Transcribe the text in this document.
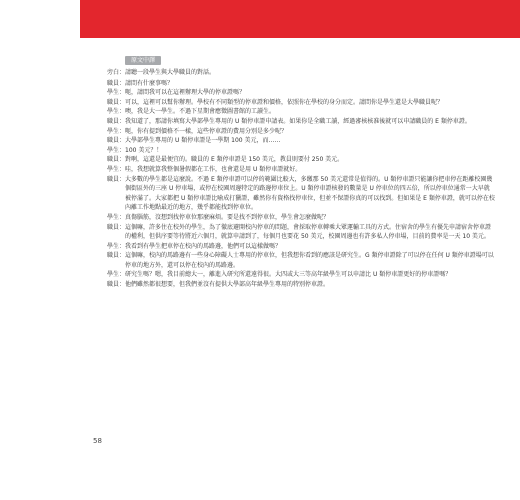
原文中譯
旁白：請聽一段學生與大學職員的對話。
職員 ： 請問有什麼事嗎？
學生 ： 呃，請問我可以在這裡辦理大學的停車證嗎？
職員 ： 可以，這裡可以幫你辦理。學校有不同類型的停車證和價格，依照你在學校的身分而定。請問你是學生還是大學職員呢？
學生 ： 噢，我是大一學生。不過下星期會應徵圖書館的工讀生。
職員 ： 我知道了，那請你填寫大學部學生專用的 U 類停車證申請表。如果你是全職工讀，經過審核核准後就可以申請職員的 E 類停車證。
學生 ： 呃，你有提到價格不一樣，這些停車證的費用分別是多少呢？
職員 ： 大學部學生專用的 U 類停車證是一學期 100 美元，而……
學生 ： 100 美元？！
職員 ： 對啊，這還是最便宜的。職員的 E 類停車證是 150 美元，教員則要付 250 美元。
學生 ： 哇，我想就算我整個暑假都在工作，也會還是用 U 類停車證就好。
職員 ： 大多數的學生都是這麼說。不過 E 類停車證可以停的範圍比較大，多繳那 50 美元還常是值得的。U 類停車證只能讓你把車停在距離校園幾個街區外的三座 U 停車場，或停在校園周邊特定的路邊停車位上。U 類停車證核發的數量是 U 停車位的四五倍，所以停車位通常一大早就被停滿了。大家都把 U 類停車證比喻成打獵證，雖然你有資格找停車位，但並不保證你真的可以找到。但如果是 E 類停車證，就可以停在校內離工作地點最近的地方，幾乎都能找到停車位。
學生 ： 真傷腦筋，沒想到找停車位那麼麻煩。要是找不到停車位，學生會怎麼做呢？
職員 ： 這個嘛，許多住在校外的學生，為了徹底避開校內停車的問題，會採取停車轉乘大眾運輸工具的方式。住宿舍的學生有優先申請宿舍停車證的權利，但供序要等待將近六個月，就算申請到了，每個月也要花 50 美元，校園周邊也有許多私人停車場，目前的費率是一天 10 美元。
學生 ： 我看到有學生把車停在校內的馬路邊，他們可以這樣做嗎？
職員 ： 這個嘛，校內的馬路邊有一些身心障礙人士專用的停車位，但我想你看到的應該是研究生。G 類停車證除了可以停在任何 U 類停車證場可以停車的地方外，還可以停在校內的馬路邊。
學生 ： 研究生嗎？嗯，我目前總大一，離進入研究所還遠得很。大四或大三等高年級學生可以申請比 U 類停車證更好的停車證嗎？
職員 ： 他們雖然都很想要，但我們並沒有提供大學部高年級學生專用的特別停車證。
58
